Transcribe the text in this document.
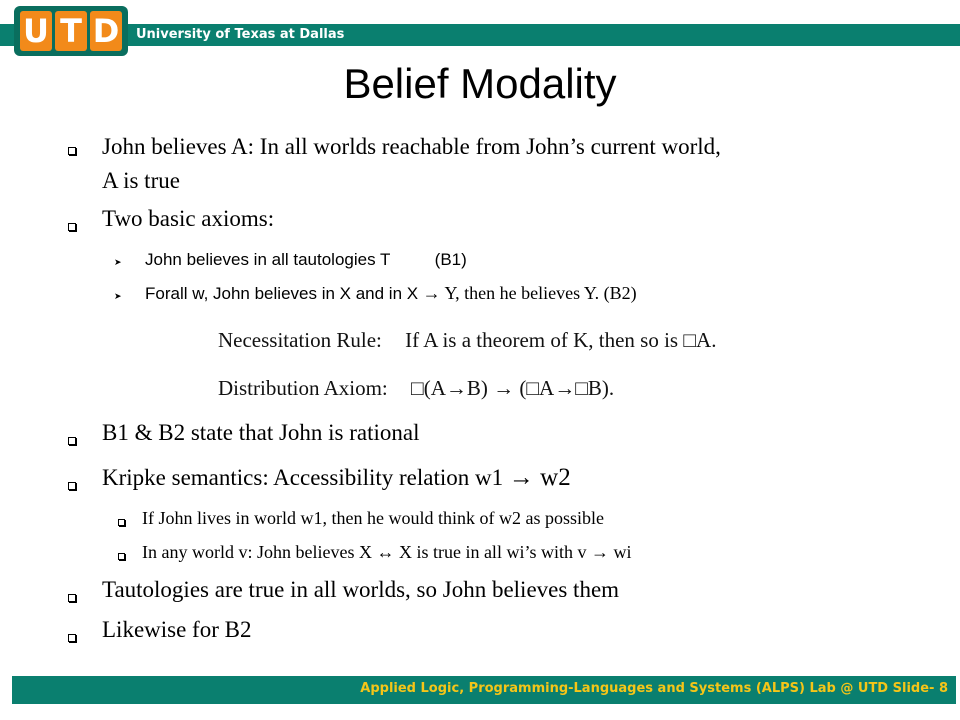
U T D University of Texas at Dallas
Belief Modality
John believes A: In all worlds reachable from John’s current world,
A is true
Two basic axioms:
➤ John believes in all tautologies T	(B1)
➤ Forall w, John believes in X and in X → Y, then he believes Y. (B2)
Necessitation Rule: If A is a theorem of K, then so is □A.
Distribution Axiom: □(A→B) → (□A→□B).
B1 & B2 state that John is rational
Kripke semantics: Accessibility relation w1 → w2
If John lives in world w1, then he would think of w2 as possible
In any world v: John believes X ↔ X is true in all wi’s with v → wi
Tautologies are true in all worlds, so John believes them
Likewise for B2
Applied Logic, Programming-Languages and Systems (ALPS) Lab @ UTD Slide- 8
